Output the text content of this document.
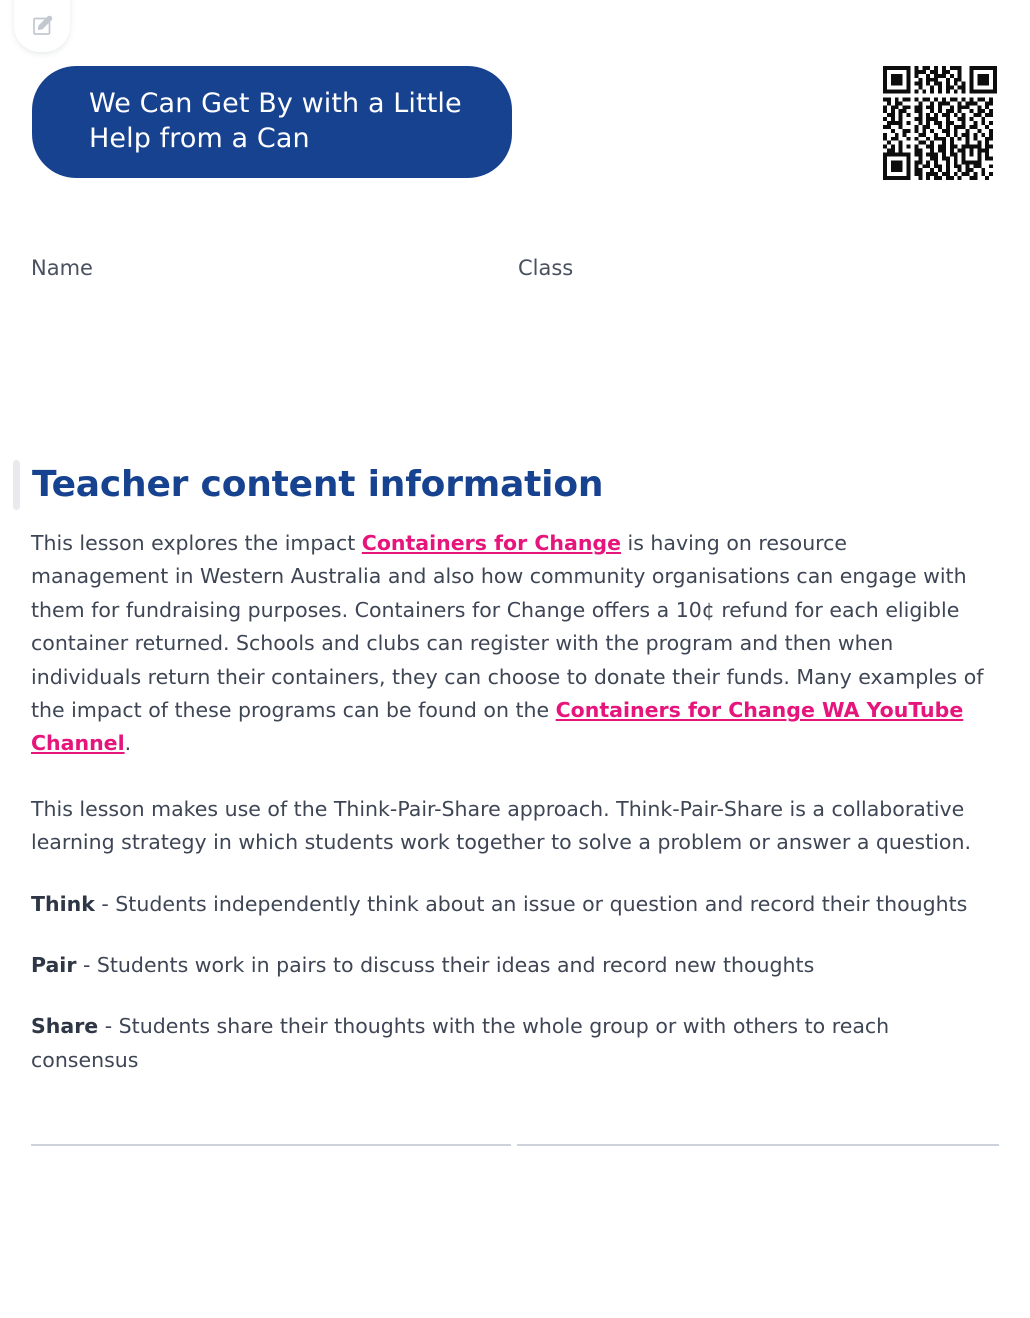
We Can Get By with a Little Help from a Can
Name	Class
Teacher content information

This lesson explores the impact Containers for Change is having on resource management in Western Australia and also how community organisations can engage with them for fundraising purposes. Containers for Change offers a 10¢ refund for each eligible container returned. Schools and clubs can register with the program and then when individuals return their containers, they can choose to donate their funds. Many examples of the impact of these programs can be found on the Containers for Change WA YouTube Channel.

This lesson makes use of the Think-Pair-Share approach. Think-Pair-Share is a collaborative learning strategy in which students work together to solve a problem or answer a question.

Think - Students independently think about an issue or question and record their thoughts

Pair - Students work in pairs to discuss their ideas and record new thoughts

Share - Students share their thoughts with the whole group or with others to reach consensus
